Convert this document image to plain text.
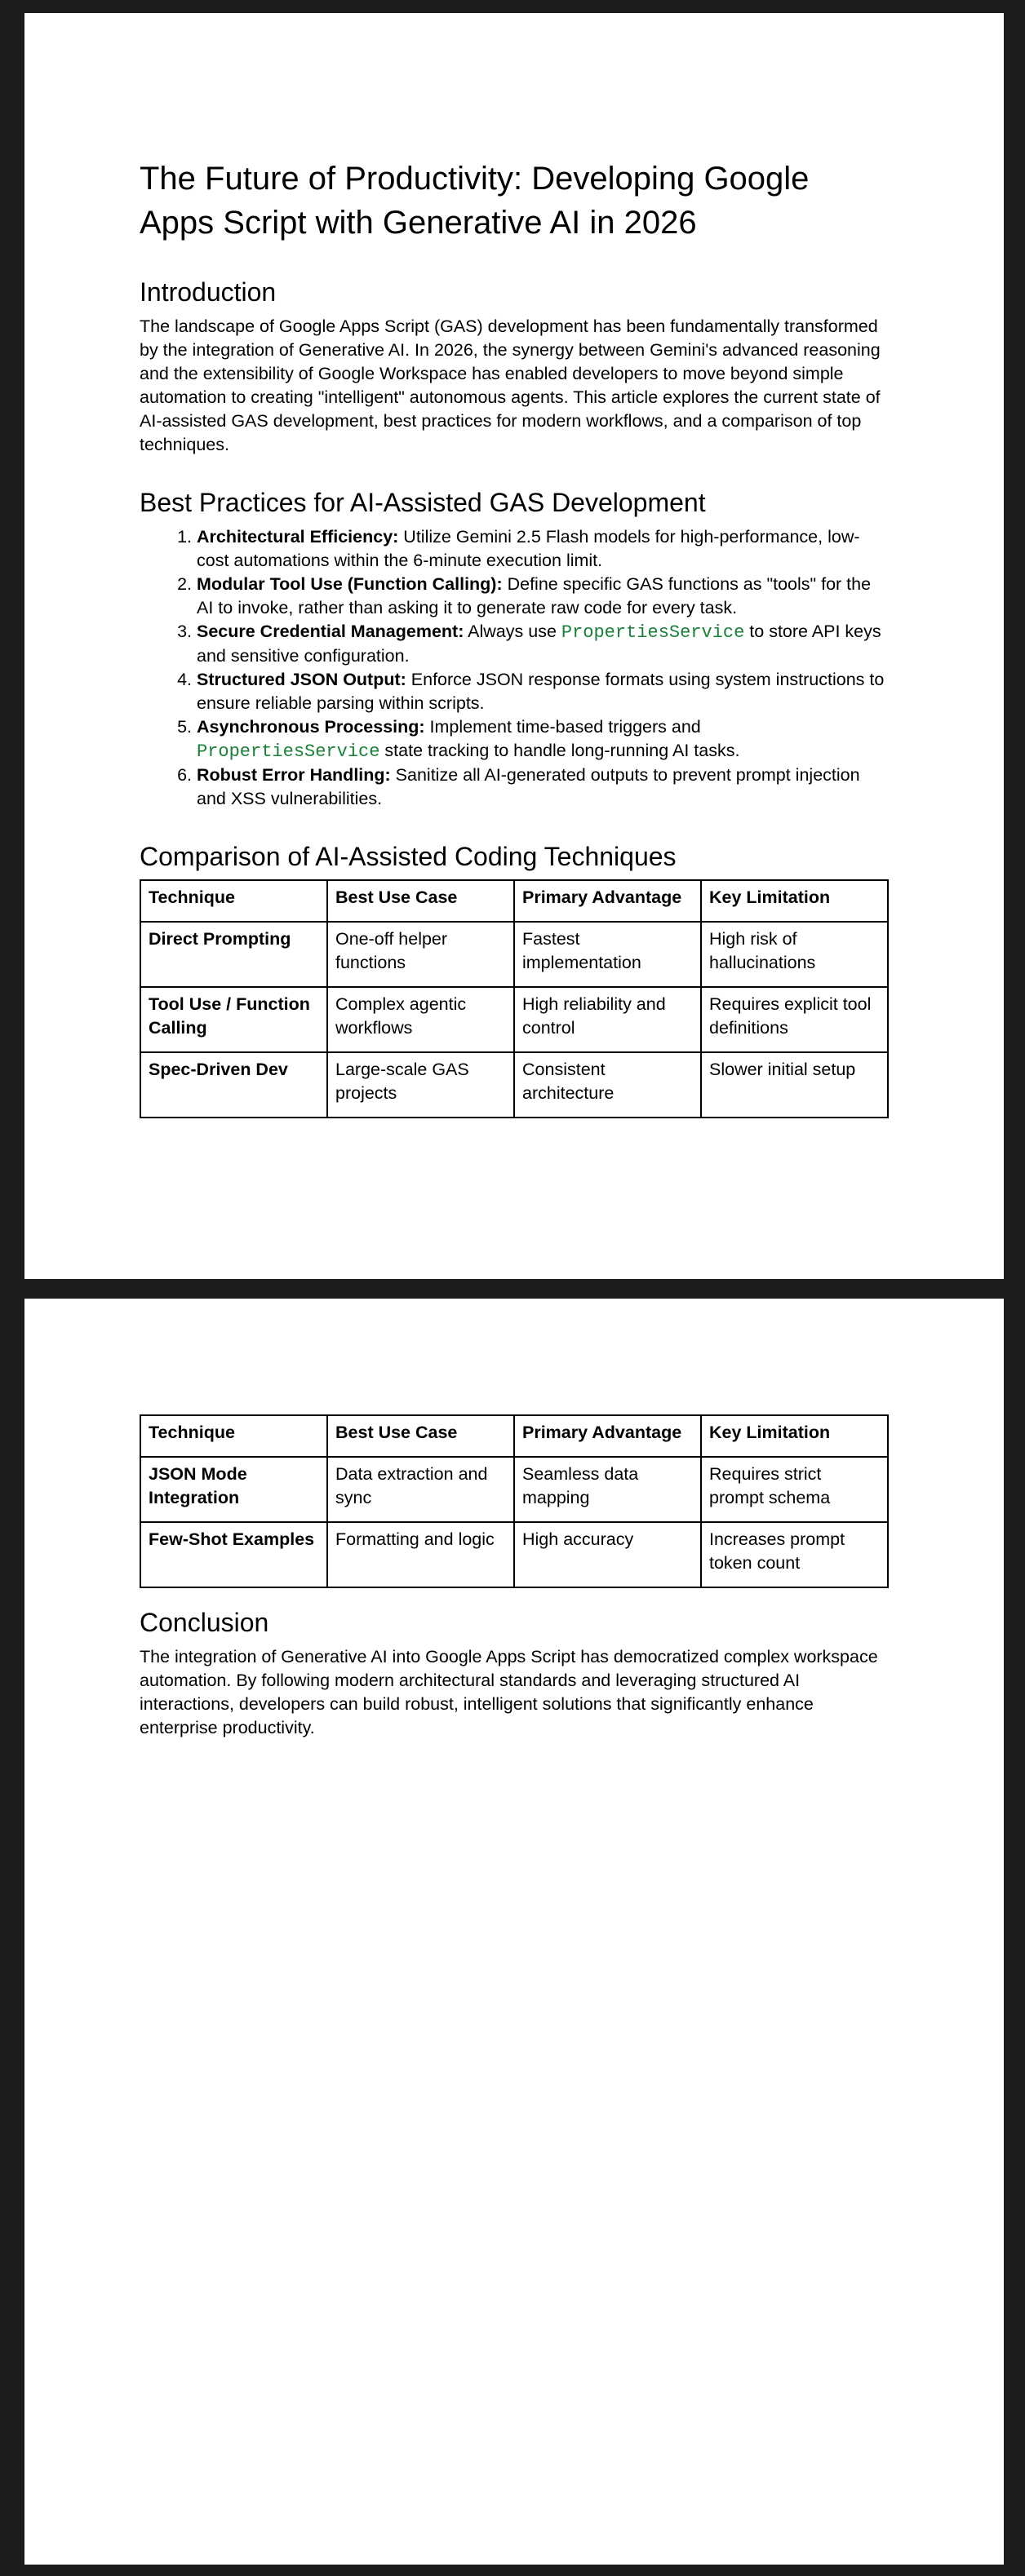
The Future of Productivity: Developing Google Apps Script with Generative AI in 2026
Introduction

The landscape of Google Apps Script (GAS) development has been fundamentally transformed by the integration of Generative AI. In 2026, the synergy between Gemini's advanced reasoning and the extensibility of Google Workspace has enabled developers to move beyond simple automation to creating "intelligent" autonomous agents. This article explores the current state of AI-assisted GAS development, best practices for modern workflows, and a comparison of top techniques.

Best Practices for AI-Assisted GAS Development
1. Architectural Efficiency: Utilize Gemini 2.5 Flash models for high-performance, low-cost automations within the 6-minute execution limit.
2. Modular Tool Use (Function Calling): Define specific GAS functions as "tools" for the AI to invoke, rather than asking it to generate raw code for every task.
3. Secure Credential Management: Always use PropertiesService to store API keys and sensitive configuration.
4. Structured JSON Output: Enforce JSON response formats using system instructions to ensure reliable parsing within scripts.
5. Asynchronous Processing: Implement time-based triggers and PropertiesService state tracking to handle long-running AI tasks.
6. Robust Error Handling: Sanitize all AI-generated outputs to prevent prompt injection and XSS vulnerabilities.
Comparison of AI-Assisted Coding Techniques
Technique	Best Use Case	Primary Advantage	Key Limitation
Direct Prompting	One-off helper functions	Fastest implementation	High risk of hallucinations
Tool Use / Function Calling	Complex agentic workflows	High reliability and control	Requires explicit tool definitions
Spec-Driven Dev	Large-scale GAS projects	Consistent architecture	Slower initial setup
Technique	Best Use Case	Primary Advantage	Key Limitation
JSON Mode Integration	Data extraction and sync	Seamless data mapping	Requires strict prompt schema
Few-Shot Examples	Formatting and logic	High accuracy	Increases prompt token count
Conclusion

The integration of Generative AI into Google Apps Script has democratized complex workspace automation. By following modern architectural standards and leveraging structured AI interactions, developers can build robust, intelligent solutions that significantly enhance enterprise productivity.
